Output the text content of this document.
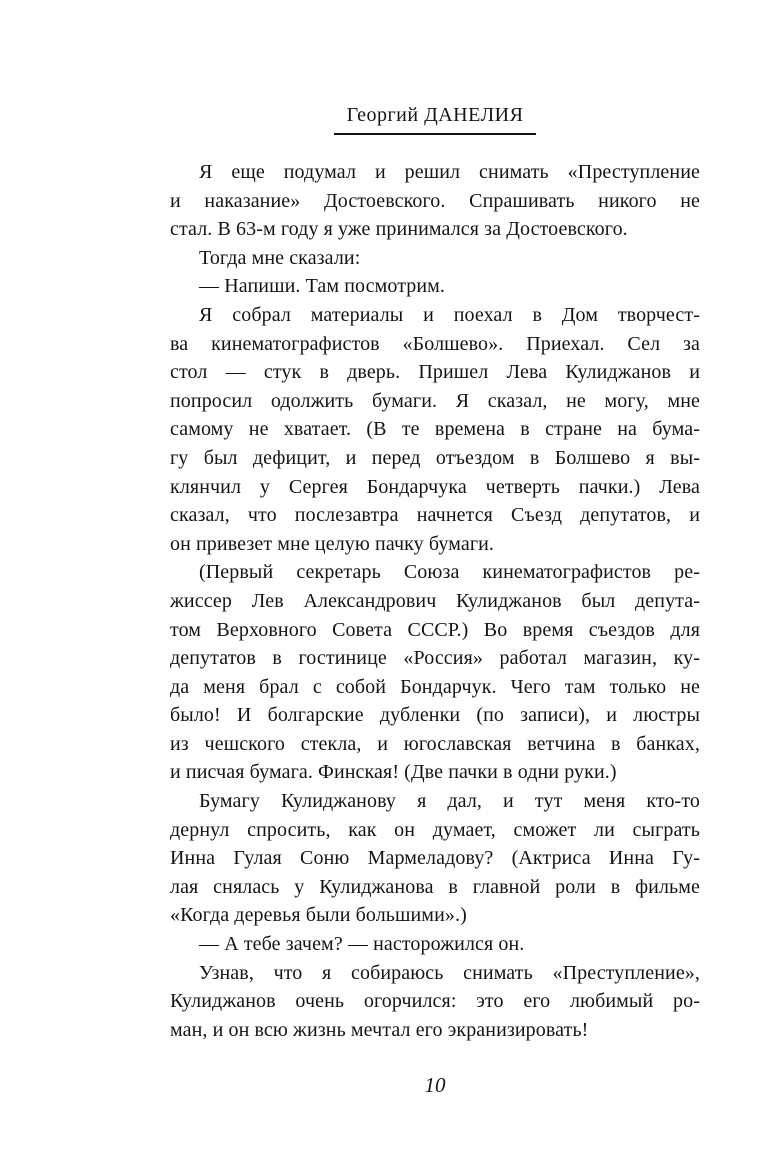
Георгий ДАНЕЛИЯ
Я еще подумал и решил снимать «Преступление
и наказание» Достоевского. Спрашивать никого не
стал. В 63-м году я уже принимался за Достоевского.
Тогда мне сказали:
— Напиши. Там посмотрим.
Я собрал материалы и поехал в Дом творчест-
ва кинематографистов «Болшево». Приехал. Сел за
стол — стук в дверь. Пришел Лева Кулиджанов и
попросил одолжить бумаги. Я сказал, не могу, мне
самому не хватает. (В те времена в стране на бума-
гу был дефицит, и перед отъездом в Болшево я вы-
клянчил у Сергея Бондарчука четверть пачки.) Лева
сказал, что послезавтра начнется Съезд депутатов, и
он привезет мне целую пачку бумаги.
(Первый секретарь Союза кинематографистов ре-
жиссер Лев Александрович Кулиджанов был депута-
том Верховного Совета СССР.) Во время съездов для
депутатов в гостинице «Россия» работал магазин, ку-
да меня брал с собой Бондарчук. Чего там только не
было! И болгарские дубленки (по записи), и люстры
из чешского стекла, и югославская ветчина в банках,
и писчая бумага. Финская! (Две пачки в одни руки.)
Бумагу Кулиджанову я дал, и тут меня кто-то
дернул спросить, как он думает, сможет ли сыграть
Инна Гулая Соню Мармеладову? (Актриса Инна Гу-
лая снялась у Кулиджанова в главной роли в фильме
«Когда деревья были большими».)
— А тебе зачем? — насторожился он.
Узнав, что я собираюсь снимать «Преступление»,
Кулиджанов очень огорчился: это его любимый ро-
ман, и он всю жизнь мечтал его экранизировать!
10
